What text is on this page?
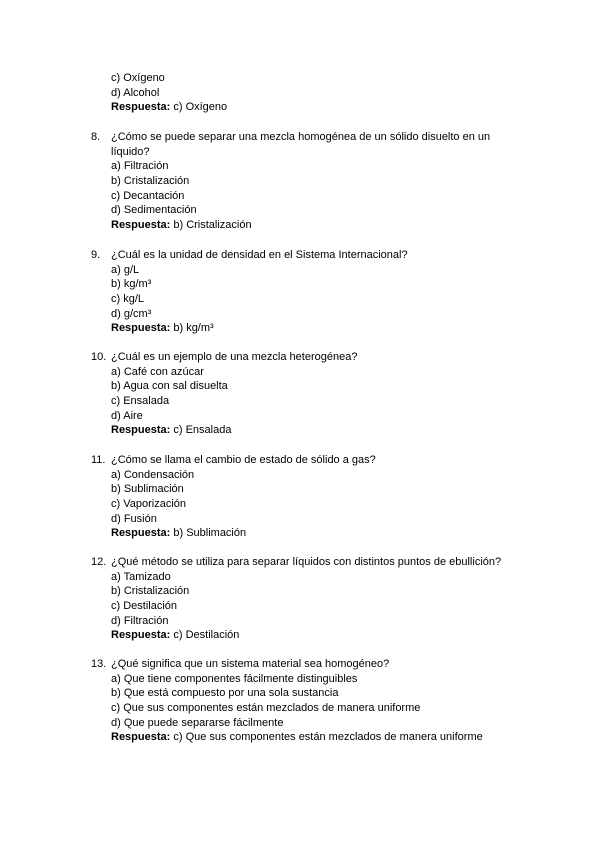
c) Oxígeno
d) Alcohol
Respuesta: c) Oxígeno
8. ¿Cómo se puede separar una mezcla homogénea de un sólido disuelto en un
líquido?
a) Filtración
b) Cristalización
c) Decantación
d) Sedimentación
Respuesta: b) Cristalización
9. ¿Cuál es la unidad de densidad en el Sistema Internacional?
a) g/L
b) kg/m³
c) kg/L
d) g/cm³
Respuesta: b) kg/m³
10. ¿Cuál es un ejemplo de una mezcla heterogénea?
a) Café con azúcar
b) Agua con sal disuelta
c) Ensalada
d) Aire
Respuesta: c) Ensalada
11. ¿Cómo se llama el cambio de estado de sólido a gas?
a) Condensación
b) Sublimación
c) Vaporización
d) Fusión
Respuesta: b) Sublimación
12. ¿Qué método se utiliza para separar líquidos con distintos puntos de ebullición?
a) Tamizado
b) Cristalización
c) Destilación
d) Filtración
Respuesta: c) Destilación
13. ¿Qué significa que un sistema material sea homogéneo?
a) Que tiene componentes fácilmente distinguibles
b) Que está compuesto por una sola sustancia
c) Que sus componentes están mezclados de manera uniforme
d) Que puede separarse fácilmente
Respuesta: c) Que sus componentes están mezclados de manera uniforme
